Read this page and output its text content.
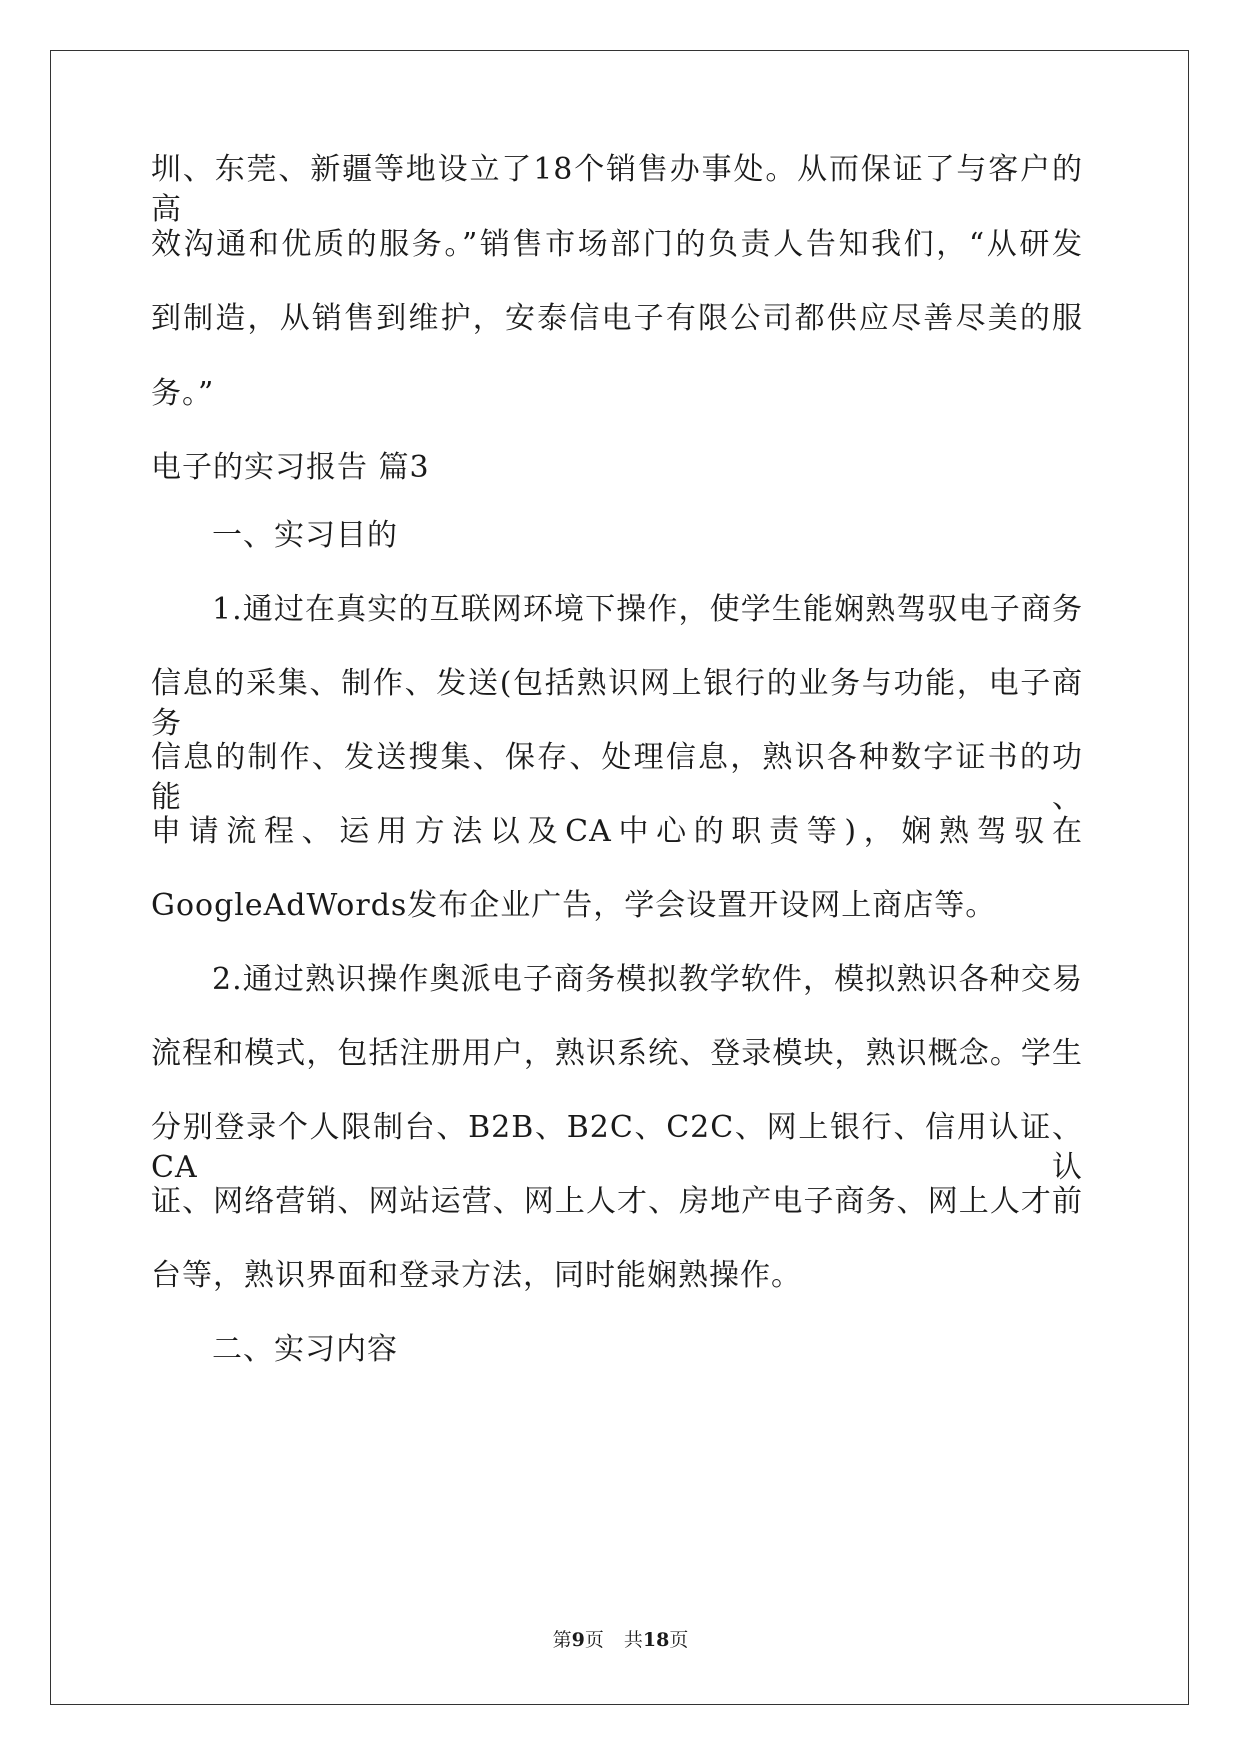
圳、东莞、新疆等地设立了18个销售办事处。从而保证了与客户的高
效沟通和优质的服务。”销售市场部门的负责人告知我们，“从研发
到制造，从销售到维护，安泰信电子有限公司都供应尽善尽美的服
务。”
电子的实习报告 篇3
一、实习目的
1.通过在真实的互联网环境下操作，使学生能娴熟驾驭电子商务
信息的采集、制作、发送(包括熟识网上银行的业务与功能，电子商务
信息的制作、发送搜集、保存、处理信息，熟识各种数字证书的功能、
申请流程、运用方法以及CA中心的职责等)，娴熟驾驭在
GoogleAdWords发布企业广告，学会设置开设网上商店等。
2.通过熟识操作奥派电子商务模拟教学软件，模拟熟识各种交易
流程和模式，包括注册用户，熟识系统、登录模块，熟识概念。学生
分别登录个人限制台、B2B、B2C、C2C、网上银行、信用认证、CA认
证、网络营销、网站运营、网上人才、房地产电子商务、网上人才前
台等，熟识界面和登录方法，同时能娴熟操作。
二、实习内容
第9页 共18页
